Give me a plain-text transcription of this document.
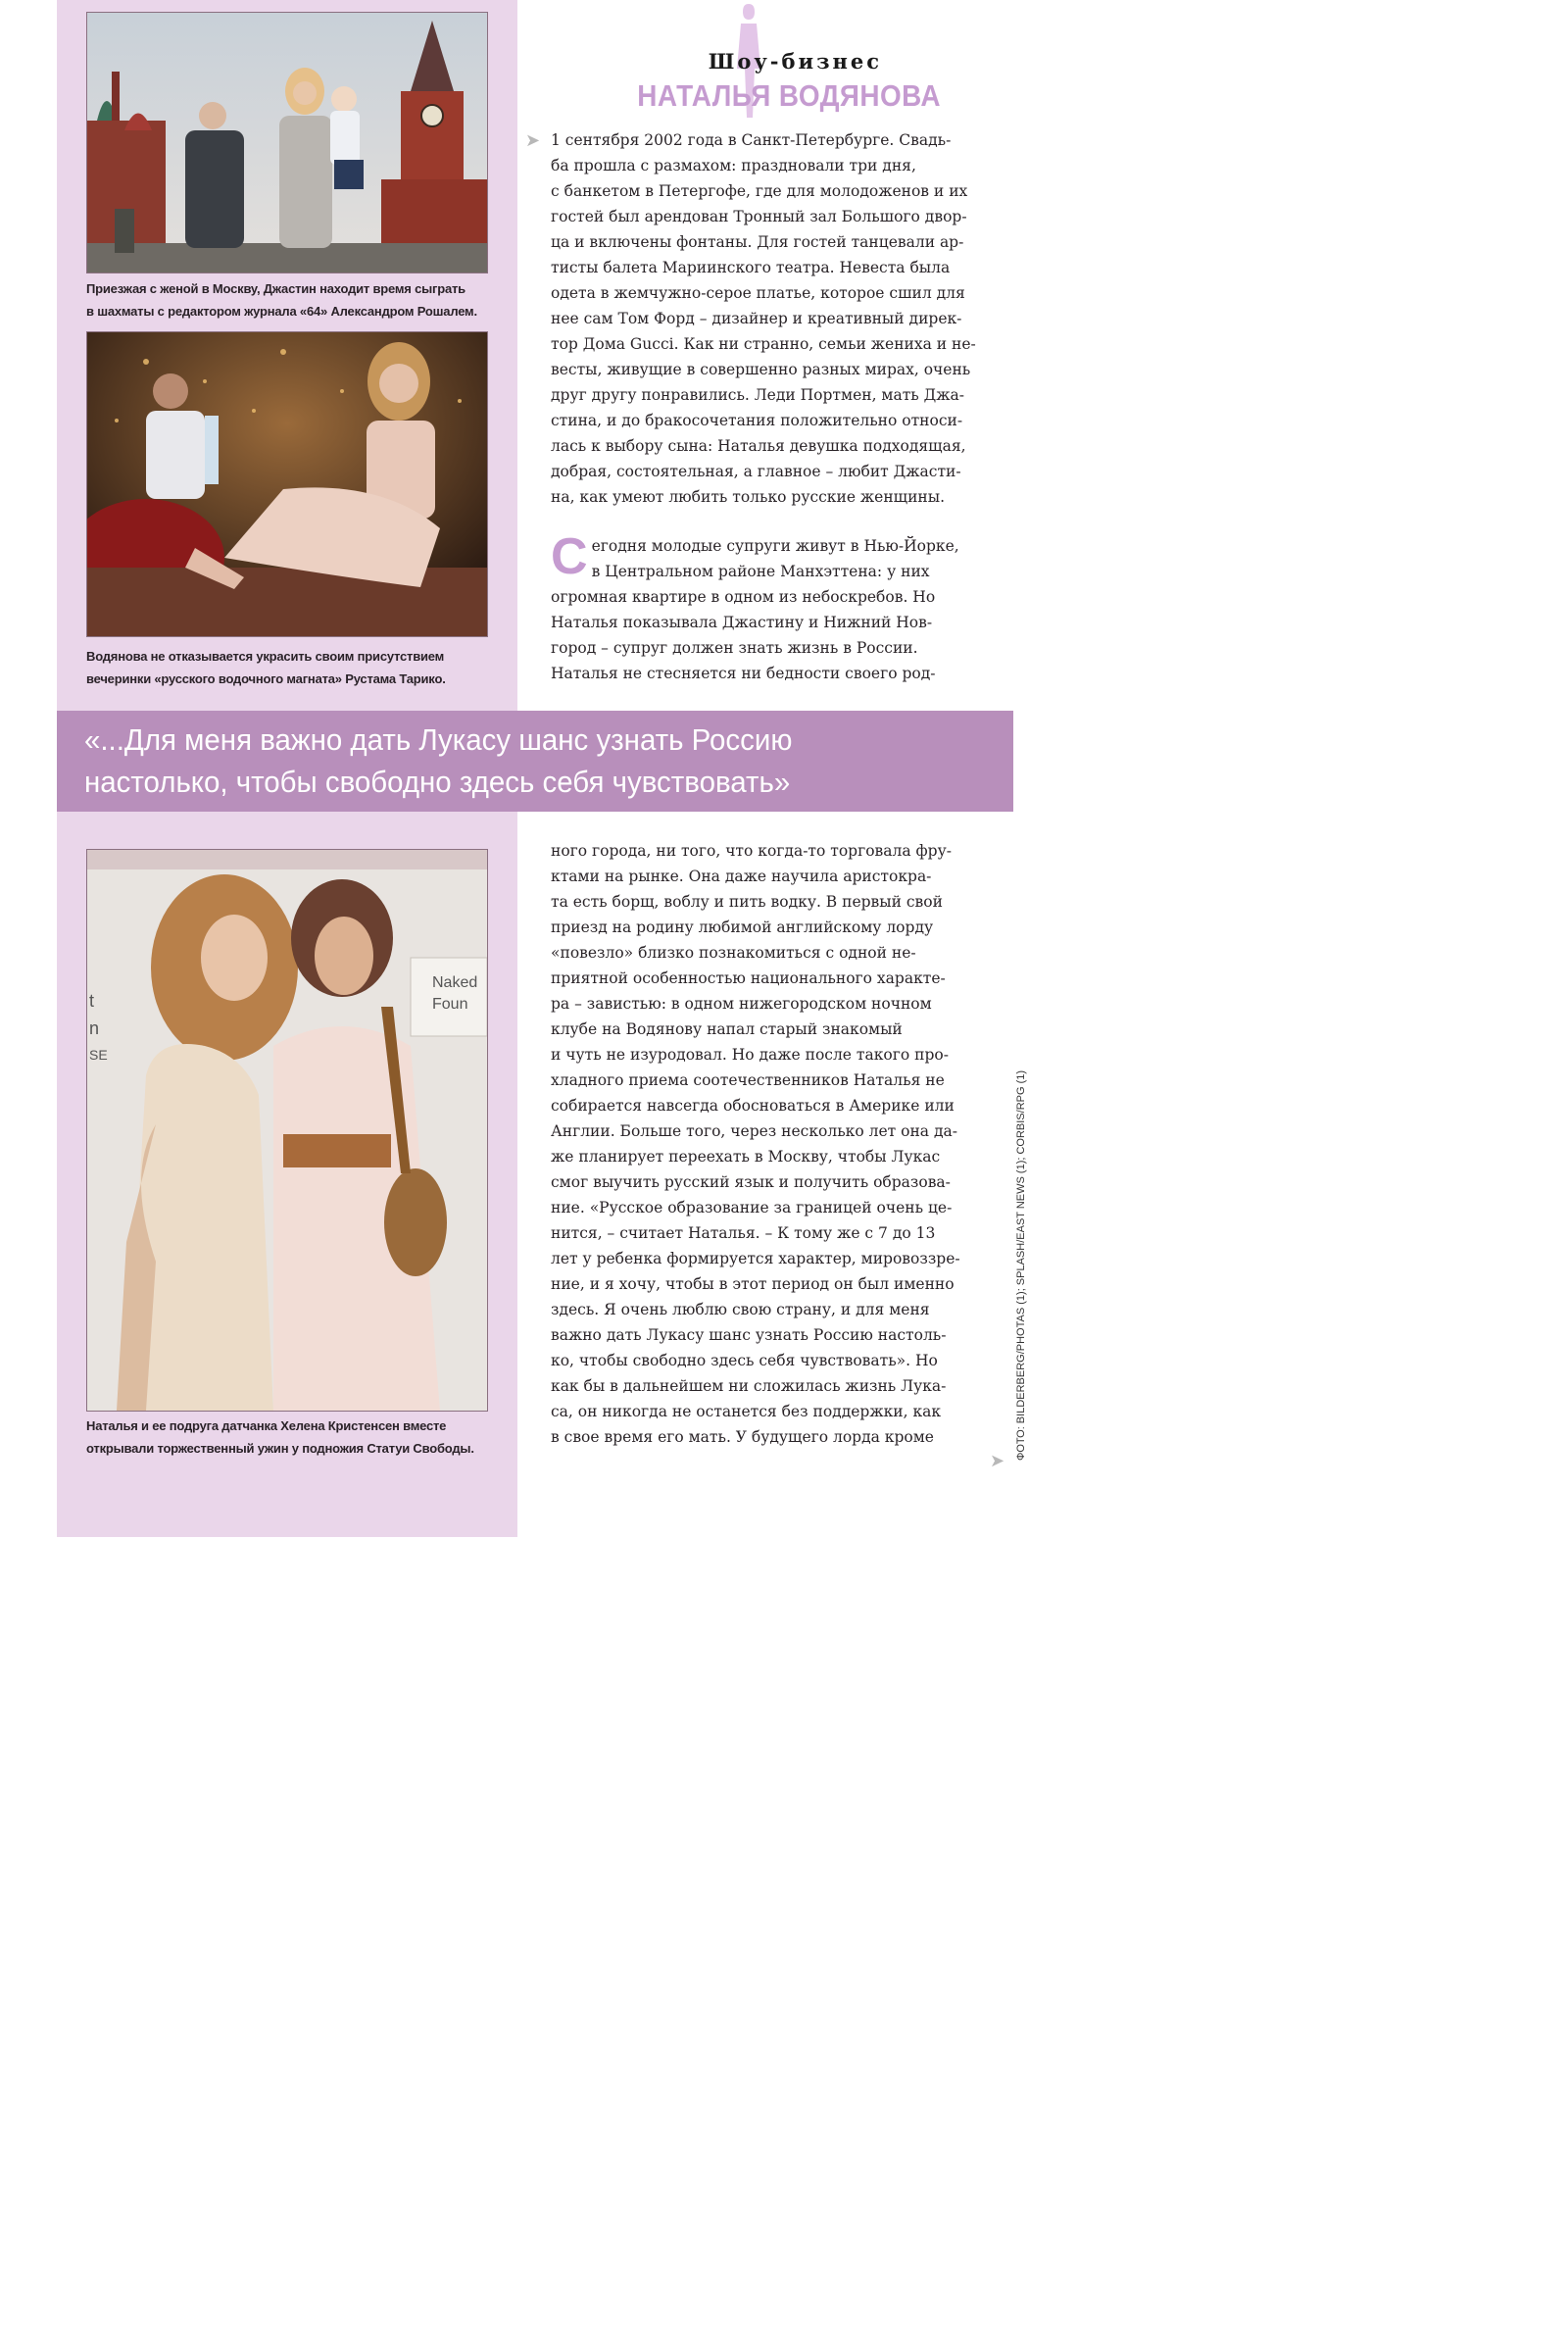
Приезжая с женой в Москву, Джастин находит время сыграть
в шахматы с редактором журнала «64» Александром Рошалем.
Водянова не отказывается украсить своим присутствием
вечеринки «русского водочного магната» Рустама Тарико.
Шоу-бизнес
НАТАЛЬЯ ВОДЯНОВА
➤ 1 сентября 2002 года в Санкт-Петербурге. Свадь-

ба прошла с размахом: праздновали три дня,

с банкетом в Петергофе, где для молодоженов и их

гостей был арендован Тронный зал Большого двор-

ца и включены фонтаны. Для гостей танцевали ар-

тисты балета Мариинского театра. Невеста была

одета в жемчужно-серое платье, которое сшил для

нее сам Том Форд – дизайнер и креативный дирек-

тор Дома Gucci. Как ни странно, семьи жениха и не-

весты, живущие в совершенно разных мирах, очень

друг другу понравились. Леди Портмен, мать Джа-

стина, и до бракосочетания положительно относи-

лась к выбору сына: Наталья девушка подходящая,

добрая, состоятельная, а главное – любит Джасти-

на, как умеют любить только русские женщины.

С егодня молодые супруги живут в Нью-Йорке,

в Центральном районе Манхэттена: у них

огромная квартире в одном из небоскребов. Но

Наталья показывала Джастину и Нижний Нов-

город – супруг должен знать жизнь в России.

Наталья не стесняется ни бедности своего род-

«...Для меня важно дать Лукасу шанс узнать Россию
настолько, чтобы свободно здесь себя чувствовать»
Naked
Foun
t
n
SE
Наталья и ее подруга датчанка Хелена Кристенсен вместе
открывали торжественный ужин у подножия Статуи Свободы.

ного города, ни того, что когда-то торговала фру-

ктами на рынке. Она даже научила аристокра-

та есть борщ, воблу и пить водку. В первый свой

приезд на родину любимой английскому лорду

«повезло» близко познакомиться с одной не-

приятной особенностью национального характе-

ра – завистью: в одном нижегородском ночном

клубе на Водянову напал старый знакомый

и чуть не изуродовал. Но даже после такого про-

хладного приема соотечественников Наталья не

собирается навсегда обосноваться в Америке или

Англии. Больше того, через несколько лет она да-

же планирует переехать в Москву, чтобы Лукас

смог выучить русский язык и получить образова-

ние. «Русское образование за границей очень це-

нится, – считает Наталья. – К тому же с 7 до 13

лет у ребенка формируется характер, мировоззре-

ние, и я хочу, чтобы в этот период он был именно

здесь. Я очень люблю свою страну, и для меня

важно дать Лукасу шанс узнать Россию настоль-

ко, чтобы свободно здесь себя чувствовать». Но

как бы в дальнейшем ни сложилась жизнь Лука-

са, он никогда не останется без поддержки, как

в свое время его мать. У будущего лорда кроме

➤
ФОТО: BILDERBERG/PHOTAS (1); SPLASH/EAST NEWS (1); CORBIS/RPG (1)
